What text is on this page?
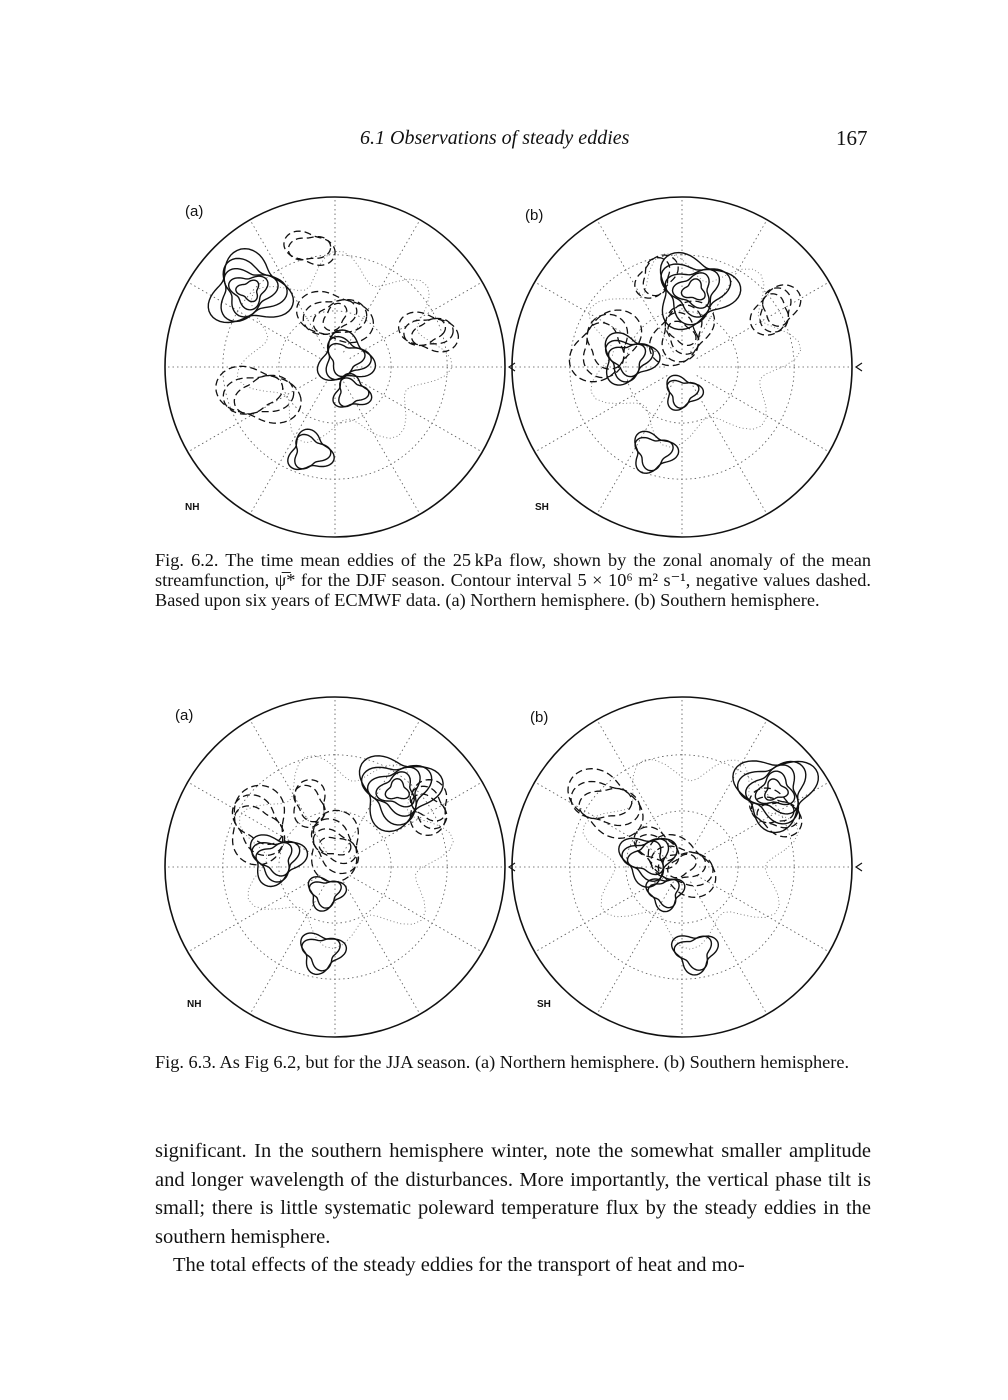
6.1 Observations of steady eddies	167
(a)	(b)
NH	SH
Fig. 6.2. The time mean eddies of the 25 kPa flow, shown by the zonal anomaly of the mean streamfunction, ψ̅* for the DJF season. Contour interval 5 × 10⁶ m² s⁻¹, negative values dashed. Based upon six years of ECMWF data. (a) Northern hemisphere. (b) Southern hemisphere.
(a)	(b)
NH	SH
Fig. 6.3. As Fig 6.2, but for the JJA season. (a) Northern hemisphere. (b) Southern hemisphere.

significant. In the southern hemisphere winter, note the somewhat smaller amplitude and longer wavelength of the disturbances. More importantly, the vertical phase tilt is small; there is little systematic poleward temperature flux by the steady eddies in the southern hemisphere.

The total effects of the steady eddies for the transport of heat and mo-
